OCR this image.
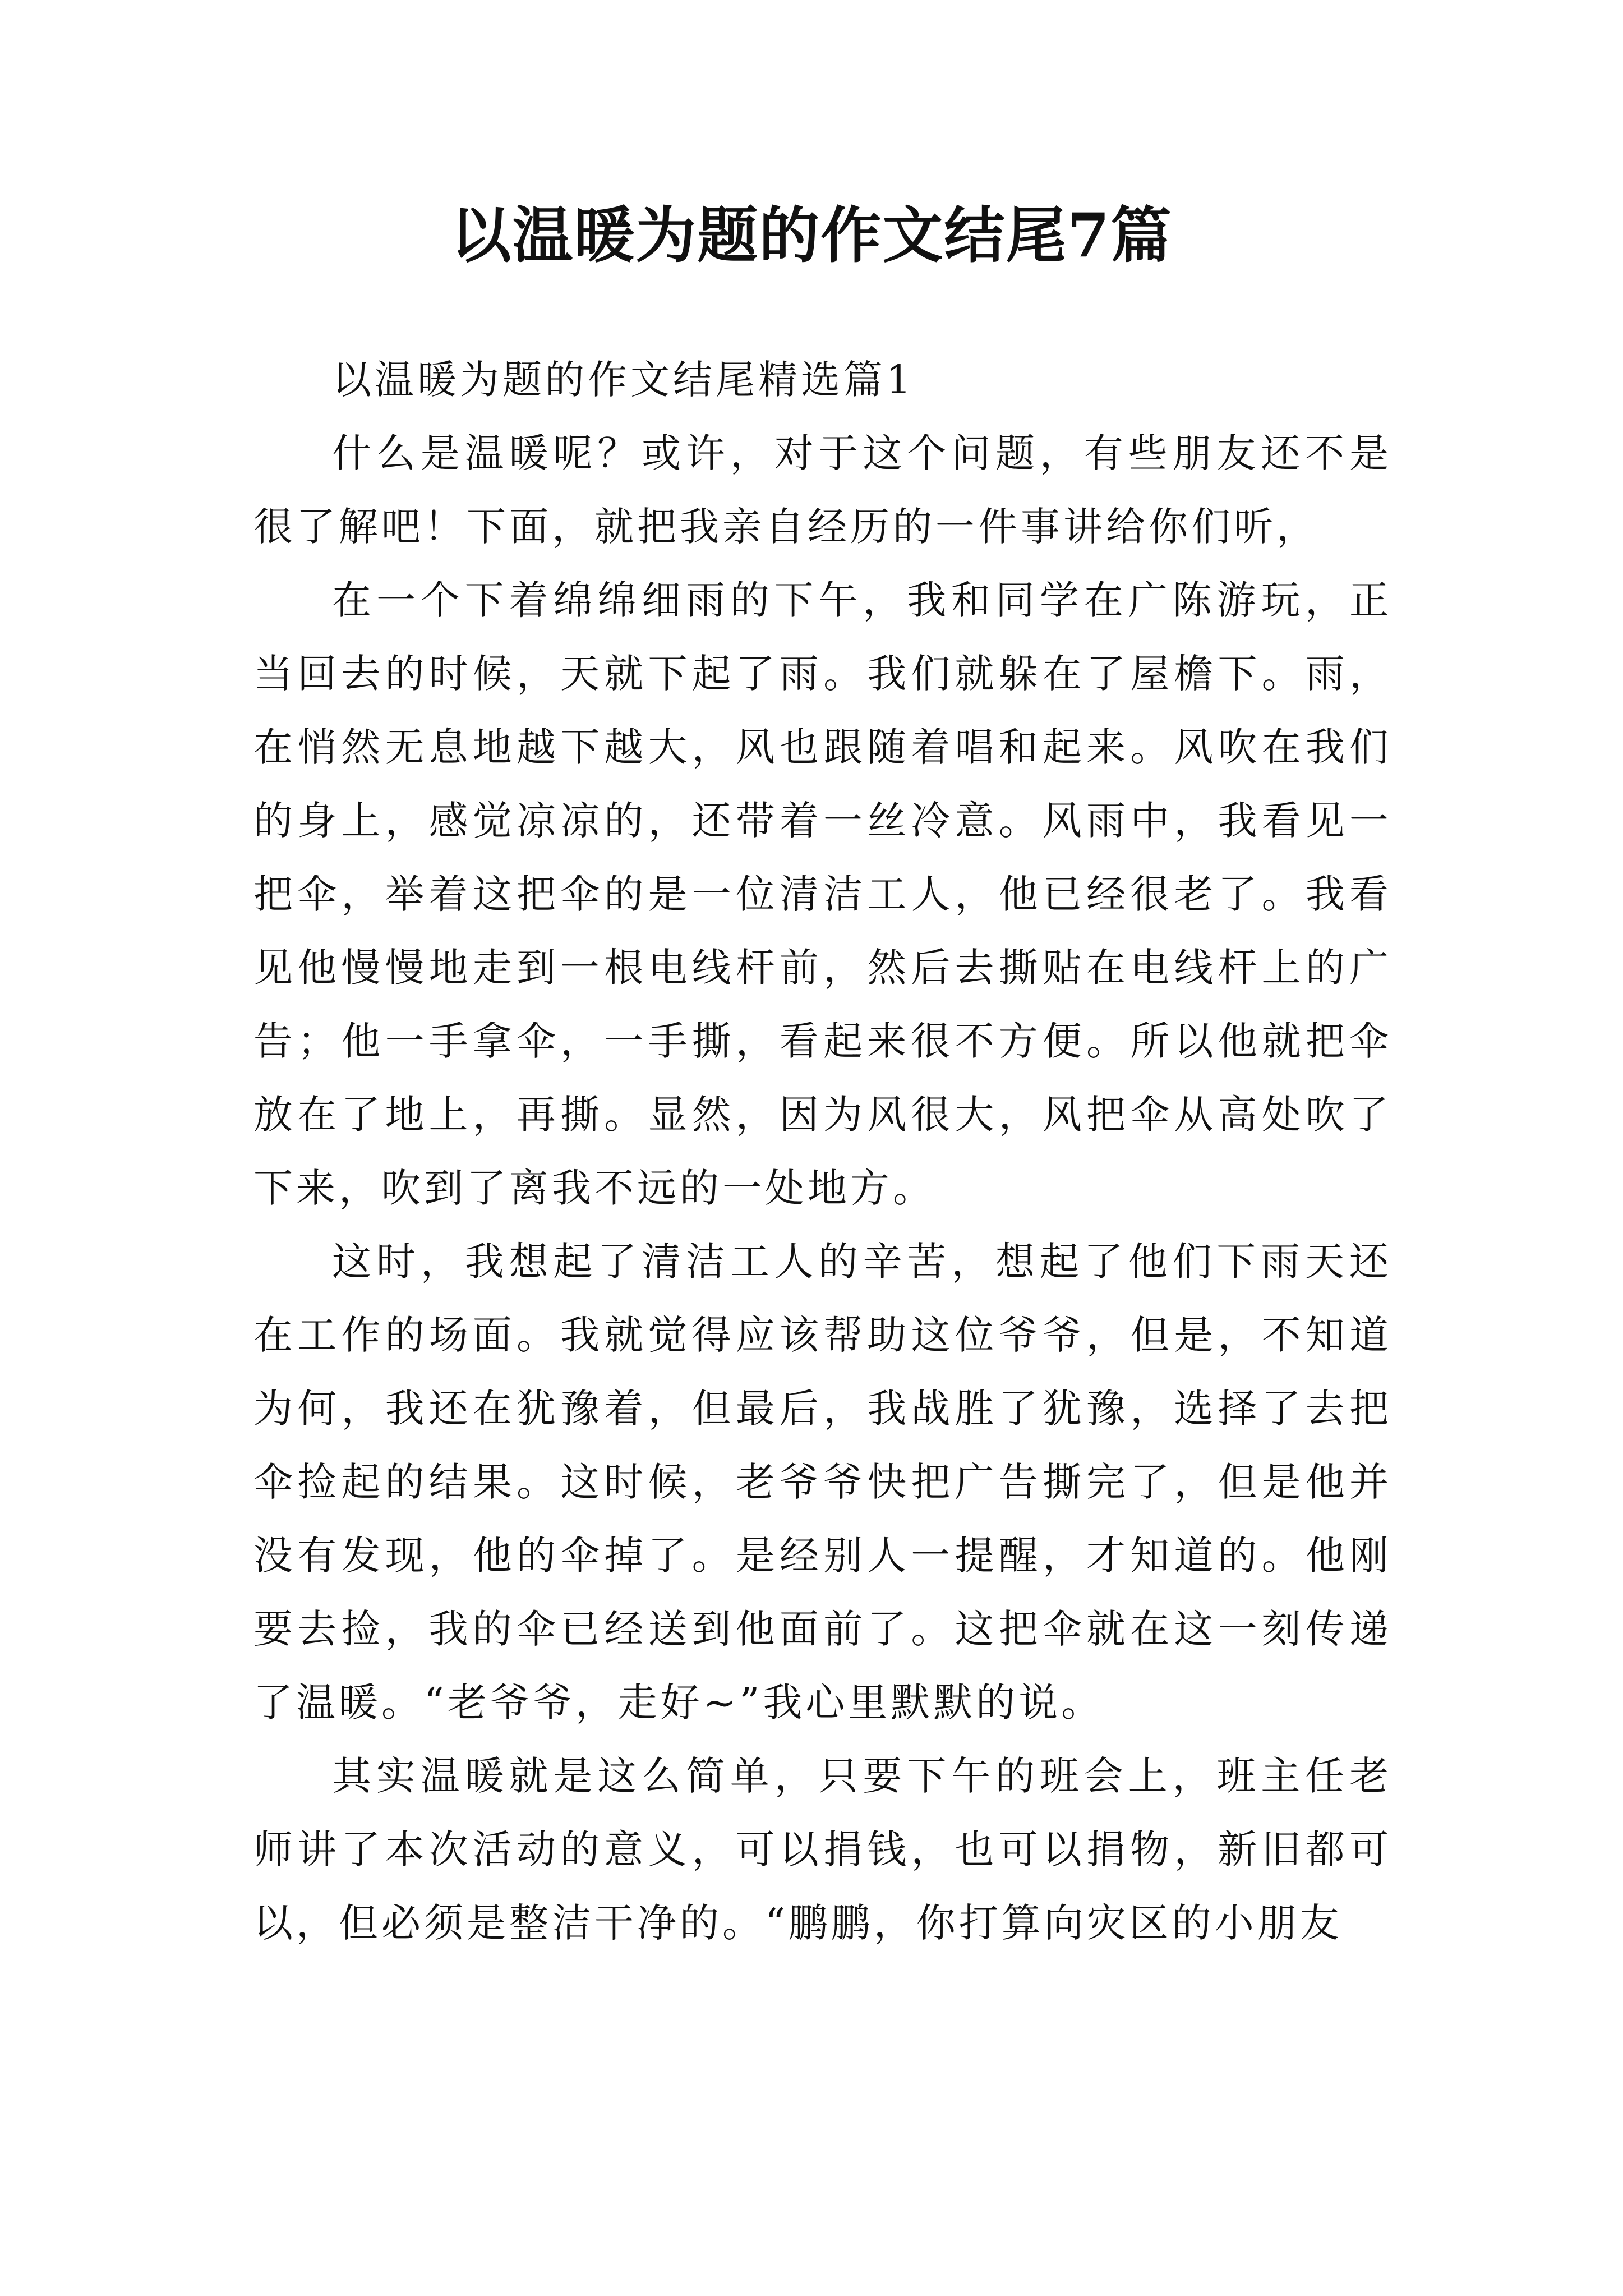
以温暖为题的作文结尾7篇

以温暖为题的作文结尾精选篇1

什么是温暖呢？或许，对于这个问题，有些朋友还不是很了解吧！下面，就把我亲自经历的一件事讲给你们听，

在一个下着绵绵细雨的下午，我和同学在广陈游玩，正当回去的时候，天就下起了雨。我们就躲在了屋檐下。雨，在悄然无息地越下越大，风也跟随着唱和起来。风吹在我们的身上，感觉凉凉的，还带着一丝冷意。风雨中，我看见一把伞，举着这把伞的是一位清洁工人，他已经很老了。我看见他慢慢地走到一根电线杆前，然后去撕贴在电线杆上的广告；他一手拿伞，一手撕，看起来很不方便。所以他就把伞放在了地上，再撕。显然，因为风很大，风把伞从高处吹了下来，吹到了离我不远的一处地方。

这时，我想起了清洁工人的辛苦，想起了他们下雨天还在工作的场面。我就觉得应该帮助这位爷爷，但是，不知道为何，我还在犹豫着，但最后，我战胜了犹豫，选择了去把伞捡起的结果。这时候，老爷爷快把广告撕完了，但是他并没有发现，他的伞掉了。是经别人一提醒，才知道的。他刚要去捡，我的伞已经送到他面前了。这把伞就在这一刻传递了温暖。“老爷爷，走好~”我心里默默的说。

其实温暖就是这么简单，只要下午的班会上，班主任老师讲了本次活动的意义，可以捐钱，也可以捐物，新旧都可以，但必须是整洁干净的。“鹏鹏，你打算向灾区的小朋友
